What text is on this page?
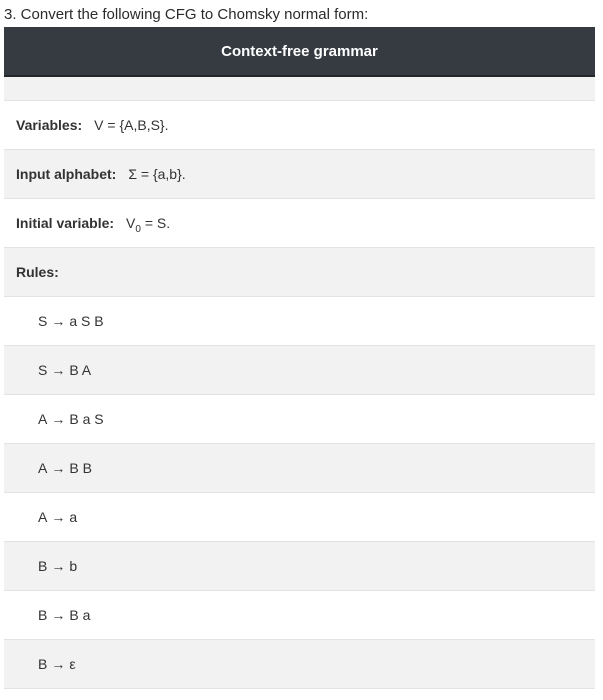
3. Convert the following CFG to Chomsky normal form:
Context-free grammar
Variables: V = {A,B,S}.
Input alphabet: Σ = {a,b}.
Initial variable: $V_0 = S$.
Rules:
S → a S B
S → B A
A → B a S
A → B B
A → a
B → b
B → B a
B → ε
